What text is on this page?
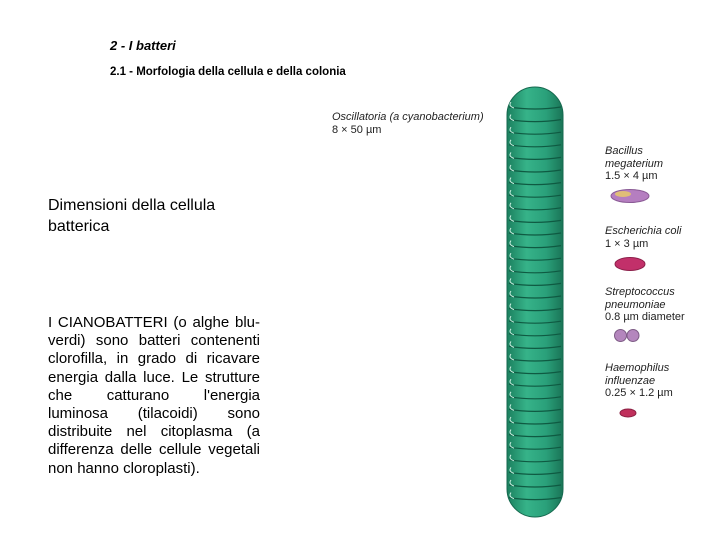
2 - I batteri
2.1 - Morfologia della cellula e della colonia
Dimensioni della cellula batterica
I CIANOBATTERI (o alghe blu-verdi) sono batteri contenenti clorofilla, in grado di ricavare energia dalla luce. Le strutture che catturano l'energia luminosa (tilacoidi) sono distribuite nel citoplasma (a differenza delle cellule vegetali non hanno cloroplasti).
Oscillatoria (a cyanobacterium)
8 × 50 µm
Bacillus
megaterium
1.5 × 4 µm
Escherichia coli
1 × 3 µm
Streptococcus
pneumoniae
0.8 µm diameter
Haemophilus
influenzae
0.25 × 1.2 µm
